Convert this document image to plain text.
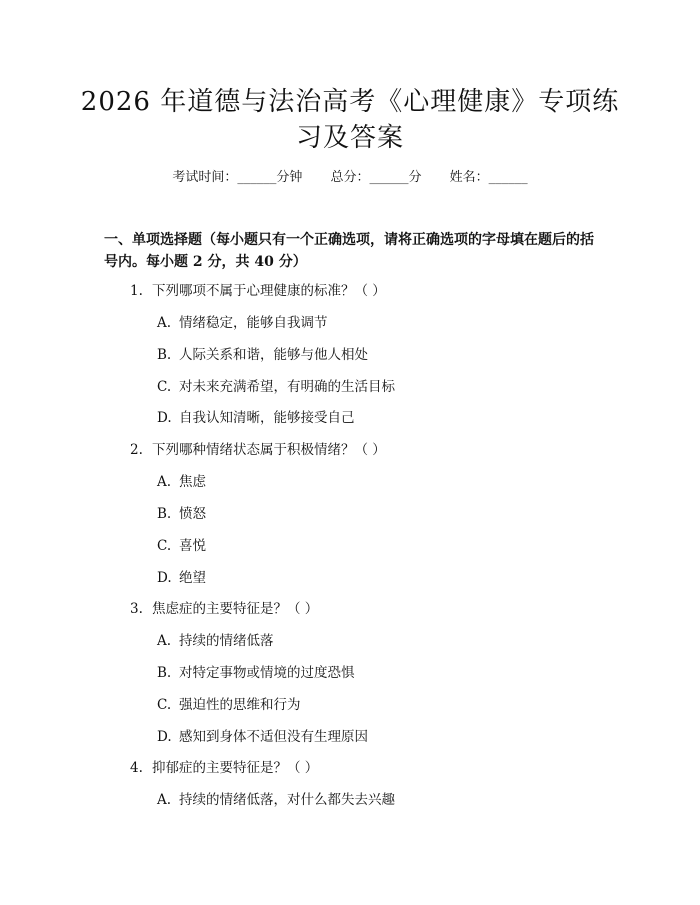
2026 年道德与法治高考《心理健康》专项练
习及答案
考试时间：______分钟 总分：______分 姓名：______
一、单项选择题（每小题只有一个正确选项，请将正确选项的字母填在题后的括
号内。每小题 2 分，共 40 分）
1. 下列哪项不属于心理健康的标准？（ ）
A. 情绪稳定，能够自我调节
B. 人际关系和谐，能够与他人相处
C. 对未来充满希望，有明确的生活目标
D. 自我认知清晰，能够接受自己
2. 下列哪种情绪状态属于积极情绪？（ ）
A. 焦虑
B. 愤怒
C. 喜悦
D. 绝望
3. 焦虑症的主要特征是？（ ）
A. 持续的情绪低落
B. 对特定事物或情境的过度恐惧
C. 强迫性的思维和行为
D. 感知到身体不适但没有生理原因
4. 抑郁症的主要特征是？（ ）
A. 持续的情绪低落，对什么都失去兴趣
